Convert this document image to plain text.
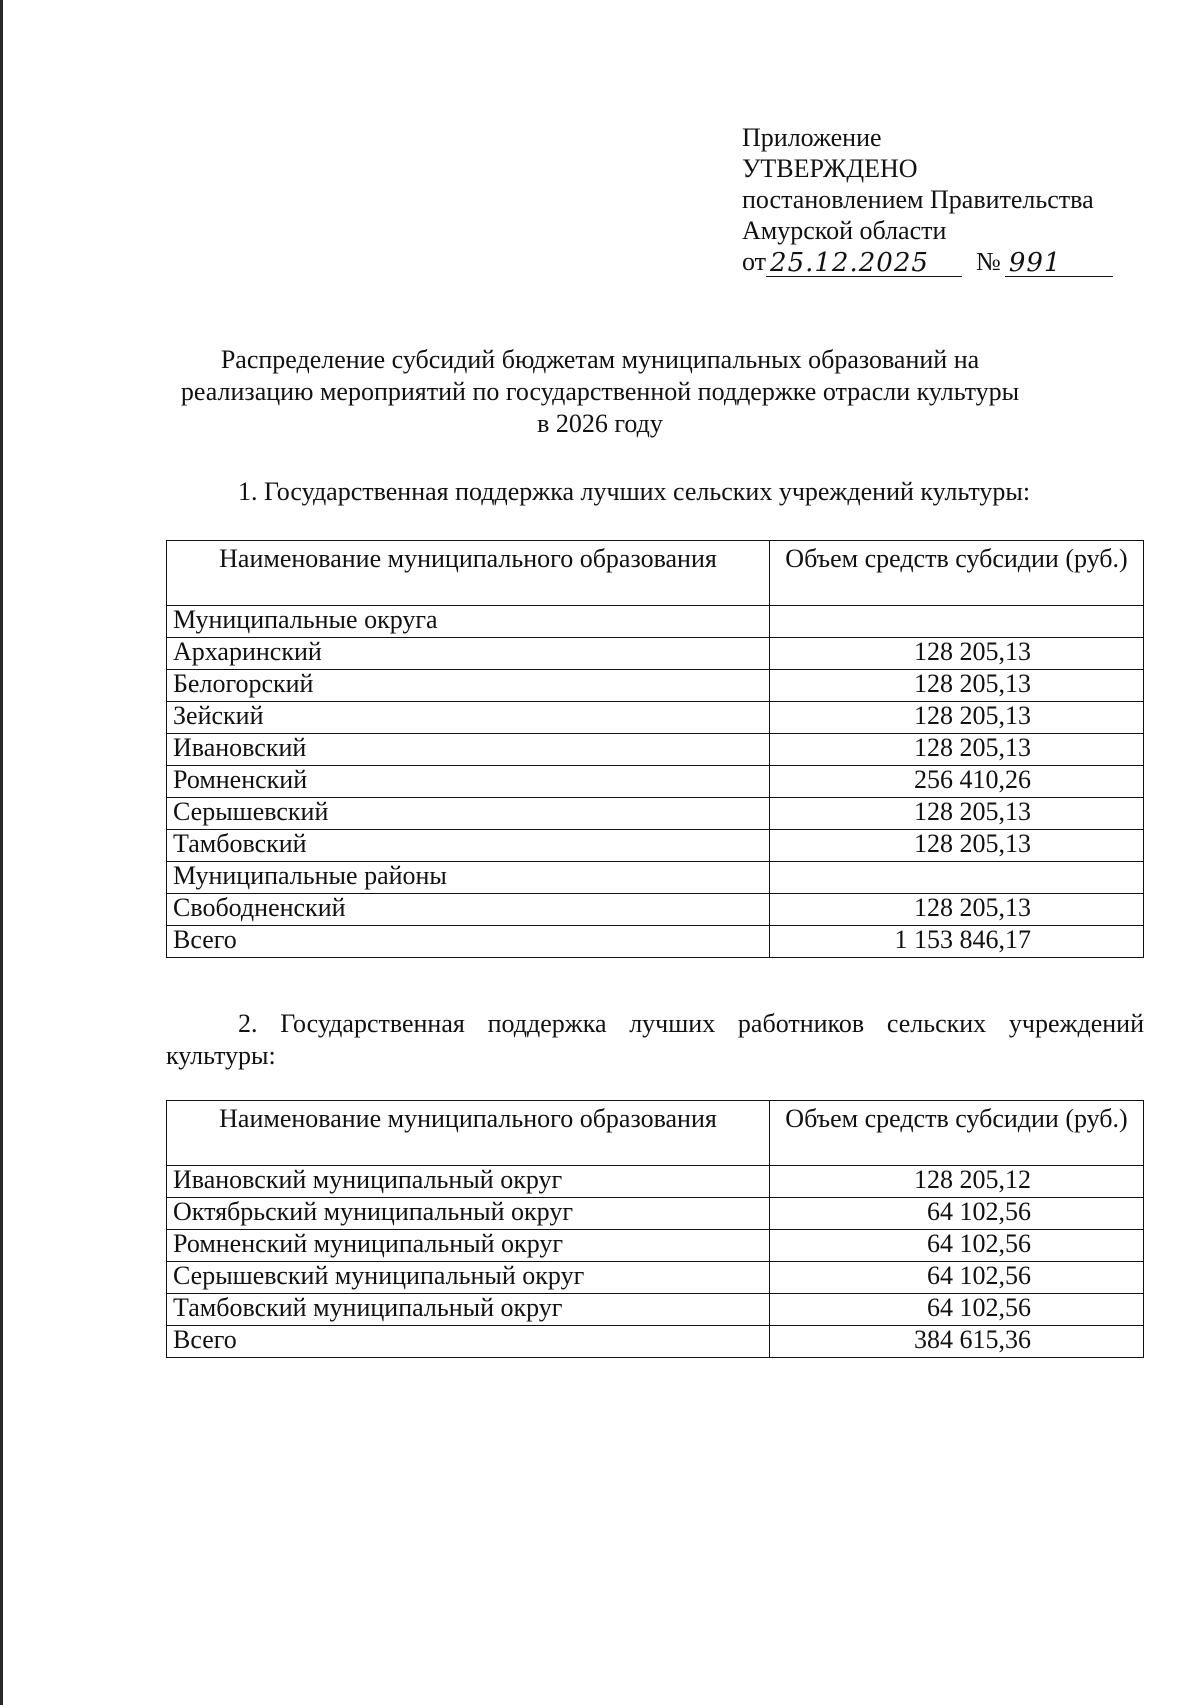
Приложение
УТВЕРЖДЕНО
постановлением Правительства
Амурской области
от 25.12.2025	№ 991
Распределение субсидий бюджетам муниципальных образований на
реализацию мероприятий по государственной поддержке отрасли культуры
в 2026 году
1. Государственная поддержка лучших сельских учреждений культуры:
Наименование муниципального образования	Объем средств субсидии (руб.)
Муниципальные округа	
Архаринский	128 205,13
Белогорский	128 205,13
Зейский	128 205,13
Ивановский	128 205,13
Ромненский	256 410,26
Серышевский	128 205,13
Тамбовский	128 205,13
Муниципальные районы	
Свободненский	128 205,13
Всего	1 153 846,17
2. Государственная поддержка лучших работников сельских учреждений культуры:
Наименование муниципального образования	Объем средств субсидии (руб.)
Ивановский муниципальный округ	128 205,12
Октябрьский муниципальный округ	64 102,56
Ромненский муниципальный округ	64 102,56
Серышевский муниципальный округ	64 102,56
Тамбовский муниципальный округ	64 102,56
Всего	384 615,36
